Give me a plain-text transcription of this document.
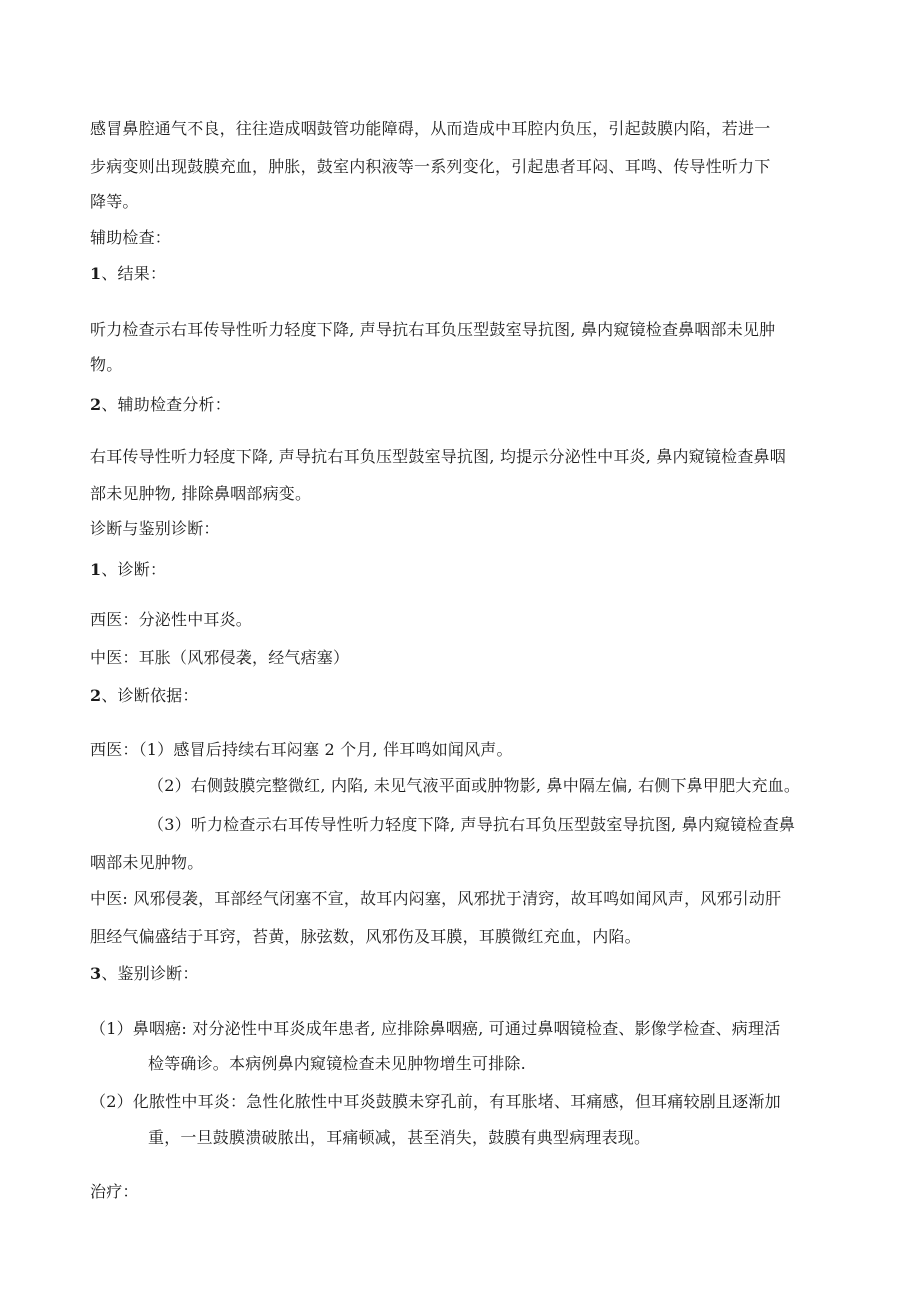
感冒鼻腔通气不良，往往造成咽鼓管功能障碍，从而造成中耳腔内负压，引起鼓膜内陷，若进一
步病变则出现鼓膜充血，肿胀，鼓室内积液等一系列变化，引起患者耳闷、耳鸣、传导性听力下
降等。
辅助检查：
1、结果：
听力检查示右耳传导性听力轻度下降, 声导抗右耳负压型鼓室导抗图, 鼻内窥镜检查鼻咽部未见肿
物。
2、辅助检查分析：
右耳传导性听力轻度下降, 声导抗右耳负压型鼓室导抗图, 均提示分泌性中耳炎, 鼻内窥镜检查鼻咽
部未见肿物, 排除鼻咽部病变。
诊断与鉴别诊断：
1、诊断：
西医：分泌性中耳炎。
中医：耳胀（风邪侵袭，经气痞塞）
2、诊断依据：
西医：（1）感冒后持续右耳闷塞 2 个月, 伴耳鸣如闻风声。
（2）右侧鼓膜完整微红, 内陷, 未见气液平面或肿物影, 鼻中隔左偏, 右侧下鼻甲肥大充血。
（3）听力检查示右耳传导性听力轻度下降, 声导抗右耳负压型鼓室导抗图, 鼻内窥镜检查鼻
咽部未见肿物。
中医: 风邪侵袭，耳部经气闭塞不宣，故耳内闷塞，风邪扰于清窍，故耳鸣如闻风声，风邪引动肝
胆经气偏盛结于耳窍，苔黄，脉弦数，风邪伤及耳膜，耳膜微红充血，内陷。
3、鉴别诊断：
（1）鼻咽癌: 对分泌性中耳炎成年患者, 应排除鼻咽癌, 可通过鼻咽镜检查、影像学检查、病理活
检等确诊。本病例鼻内窥镜检查未见肿物增生可排除.
（2）化脓性中耳炎：急性化脓性中耳炎鼓膜未穿孔前，有耳胀堵、耳痛感，但耳痛较剧且逐渐加
重，一旦鼓膜溃破脓出，耳痛顿减，甚至消失，鼓膜有典型病理表现。
治疗：
